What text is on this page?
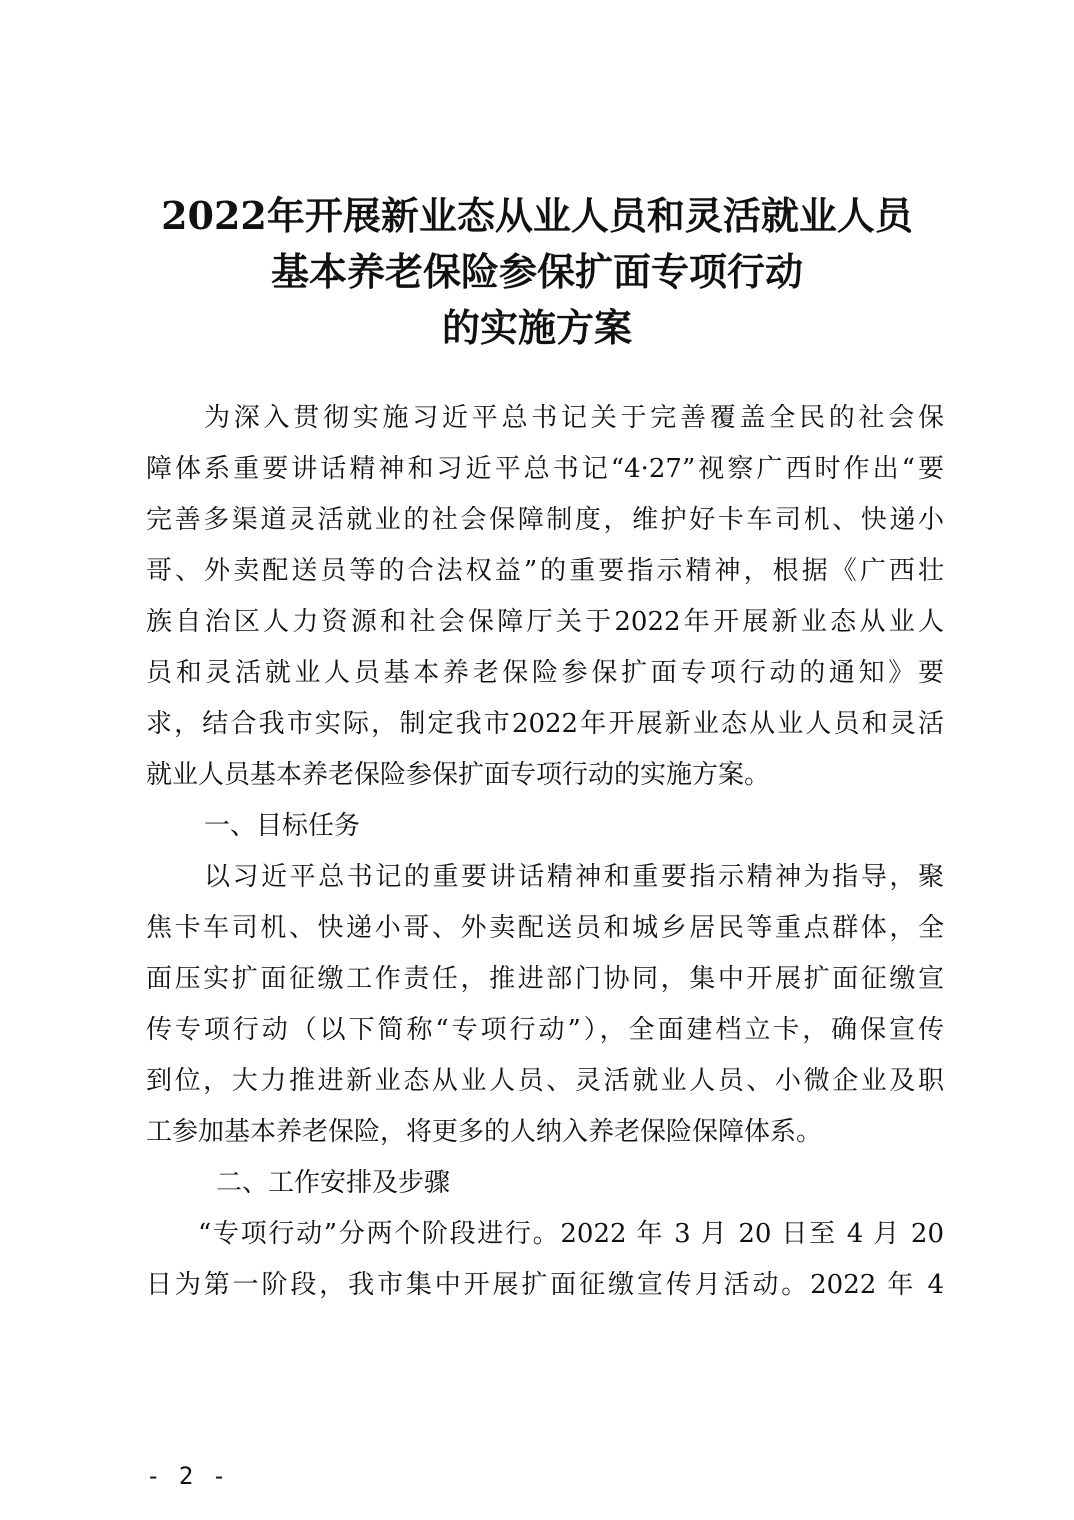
2022年开展新业态从业人员和灵活就业人员
基本养老保险参保扩面专项行动
的实施方案
为深入贯彻实施习近平总书记关于完善覆盖全民的社会保
障体系重要讲话精神和习近平总书记“4·27”视察广西时作出“要
完善多渠道灵活就业的社会保障制度，维护好卡车司机、快递小
哥、外卖配送员等的合法权益”的重要指示精神，根据《广西壮
族自治区人力资源和社会保障厅关于2022年开展新业态从业人
员和灵活就业人员基本养老保险参保扩面专项行动的通知》要
求，结合我市实际，制定我市2022年开展新业态从业人员和灵活
就业人员基本养老保险参保扩面专项行动的实施方案。
一、目标任务
以习近平总书记的重要讲话精神和重要指示精神为指导，聚
焦卡车司机、快递小哥、外卖配送员和城乡居民等重点群体，全
面压实扩面征缴工作责任，推进部门协同，集中开展扩面征缴宣
传专项行动（以下简称“专项行动”），全面建档立卡，确保宣传
到位，大力推进新业态从业人员、灵活就业人员、小微企业及职
工参加基本养老保险，将更多的人纳入养老保险保障体系。
二、工作安排及步骤
“专项行动”分两个阶段进行。2022 年 3 月 20 日至 4 月 20
日为第一阶段，我市集中开展扩面征缴宣传月活动。2022 年 4
- 2 -
